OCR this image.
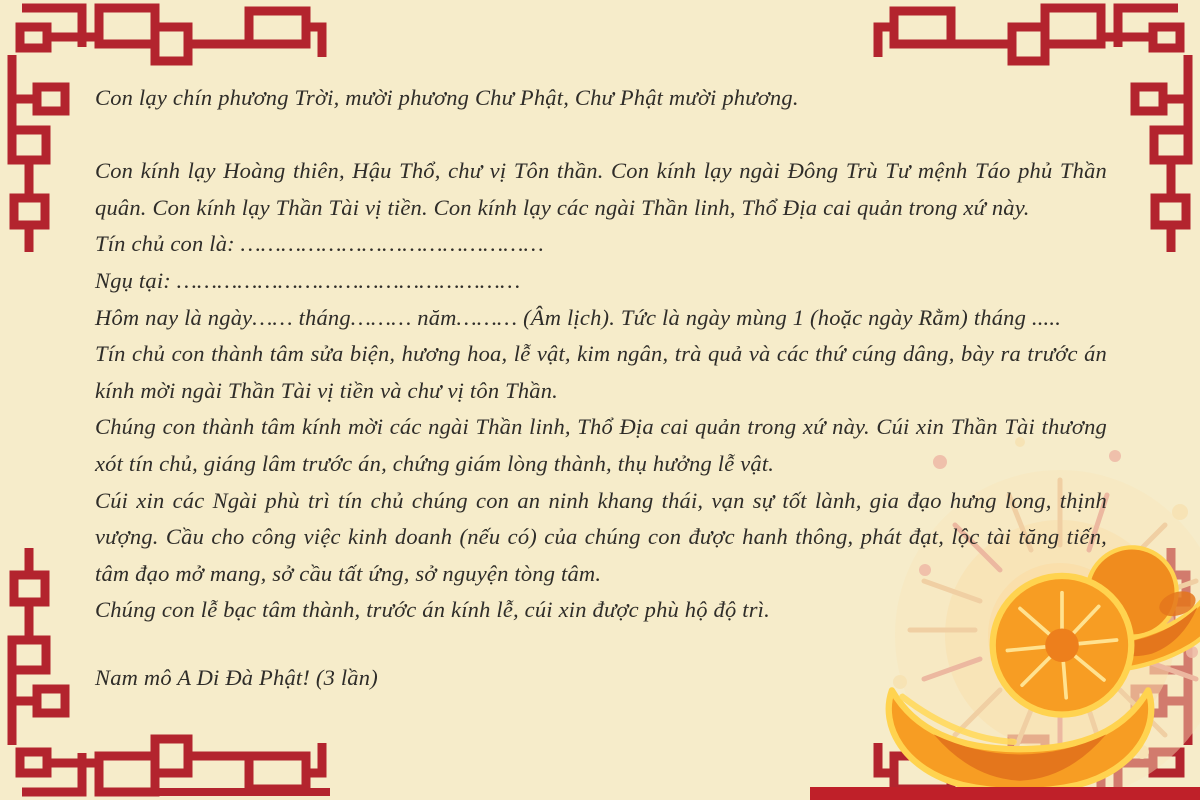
Con lạy chín phương Trời, mười phương Chư Phật, Chư Phật mười phương.

Con kính lạy Hoàng thiên, Hậu Thổ, chư vị Tôn thần. Con kính lạy ngài Đông Trù Tư mệnh Táo phủ Thần quân. Con kính lạy Thần Tài vị tiền. Con kính lạy các ngài Thần linh, Thổ Địa cai quản trong xứ này.

Tín chủ con là: ………………………………………

Ngụ tại: ……………………………………………

Hôm nay là ngày…… tháng……… năm……… (Âm lịch). Tức là ngày mùng 1 (hoặc ngày Rằm) tháng .....

Tín chủ con thành tâm sửa biện, hương hoa, lễ vật, kim ngân, trà quả và các thứ cúng dâng, bày ra trước án kính mời ngài Thần Tài vị tiền và chư vị tôn Thần.

Chúng con thành tâm kính mời các ngài Thần linh, Thổ Địa cai quản trong xứ này. Cúi xin Thần Tài thương xót tín chủ, giáng lâm trước án, chứng giám lòng thành, thụ hưởng lễ vật.

Cúi xin các Ngài phù trì tín chủ chúng con an ninh khang thái, vạn sự tốt lành, gia đạo hưng long, thịnh vượng. Cầu cho công việc kinh doanh (nếu có) của chúng con được hanh thông, phát đạt, lộc tài tăng tiến, tâm đạo mở mang, sở cầu tất ứng, sở nguyện tòng tâm.

Chúng con lễ bạc tâm thành, trước án kính lễ, cúi xin được phù hộ độ trì.

Nam mô A Di Đà Phật! (3 lần)
